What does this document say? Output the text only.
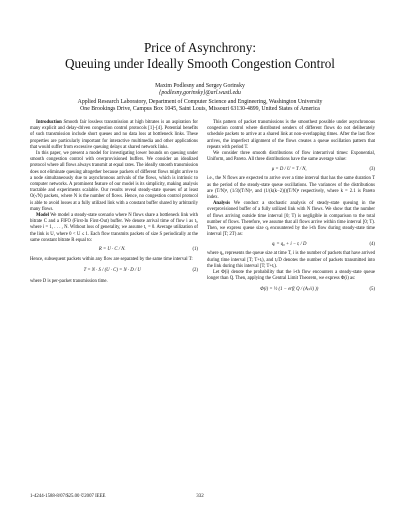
Price of Asynchrony:
Queuing under Ideally Smooth Congestion Control
Maxim Podlesny and Sergey Gorinsky
{podlesny,gorinsky}@arl.wustl.edu
Applied Research Laboratory, Department of Computer Science and Engineering, Washington University
One Brookings Drive, Campus Box 1045, Saint Louis, Missouri 63130-4899, United States of America

Introduction Smooth fair lossless transmission at high bitrates is an aspiration for many explicit and delay-driven congestion control protocols [1]–[4]. Potential benefits of such transmission include short queues and no data loss at bottleneck links. These properties are particularly important for interactive multimedia and other applications that would suffer from excessive queuing delays at shared network links.

In this paper, we present a model for investigating lower bounds on queuing under smooth congestion control with overprovisioned buffers. We consider an idealized protocol where all flows always transmit at equal rates. The ideally smooth transmission does not eliminate queuing altogether because packets of different flows might arrive to a node simultaneously due to asynchronous arrivals of the flows, which is intrinsic to computer networks. A prominent feature of our model is its simplicity, making analysis tractable and experiments scalable. Our results reveal steady-state queues of at least O(√N) packets, where N is the number of flows. Hence, no congestion control protocol is able to avoid losses at a fully utilized link with a constant buffer shared by arbitrarily many flows.

Model We model a steady-state scenario where N flows share a bottleneck link with bitrate C and a FIFO (First-In First-Out) buffer. We denote arrival time of flow i as tᵢ, where i = 1, . . . , N. Without loss of generality, we assume t₁ = 0. Average utilization of the link is U, where 0 < U ≤ 1. Each flow transmits packets of size S periodically at the same constant bitrate R equal to:

R = U · C / N.	(1)

Hence, subsequent packets within any flow are separated by the same time interval T:

T = N · S / (U · C) = N · D / U	(2)

where D is per-packet transmission time.

This pattern of packet transmissions is the smoothest possible under asynchronous congestion control where distributed senders of different flows do not deliberately schedule packets to arrive at a shared link at non-overlapping times. After the last flow arrives, the imperfect alignment of the flows creates a queue oscillation pattern that repeats with period T.

We consider three smooth distributions of flow interarrival times: Exponential, Uniform, and Pareto. All three distributions have the same average value:

μ = D / U = T / N,	(3)

i.e., the N flows are expected to arrive over a time interval that has the same duration T as the period of the steady-state queue oscillations. The variances of the distributions are (T/N)², (1/3)(T/N)², and (1/(k(k−2)))(T/N)² respectively, where k = 2.1 is Pareto index.

Analysis We conduct a stochastic analysis of steady-state queuing in the overprovisioned buffer of a fully utilized link with N flows. We show that the number of flows arriving outside time interval [0; T) is negligible in comparison to the total number of flows. Therefore, we assume that all flows arrive within time interval [0; T). Then, we express queue size qᵢ encountered by the i-th flow during steady-state time interval [T; 2T) as:

qᵢ = q₀ + i − tᵢ / D	(4)

where q₀ represents the queue size at time T, i is the number of packets that have arrived during time interval [T; T+tᵢ), and tᵢ/D denotes the number of packets transmitted into the link during this interval [T; T+tᵢ).

Let Φ(i) denote the probability that the i-th flow encounters a steady-state queue longer than Q. Then, applying the Central Limit Theorem, we express Φ(i) as:

Φ(i) = ½ (1 − erf( Q / (Aᵢ√i) ))	(5)
1-4244-1588-8/07/$25.00 ©2007 IEEE	332
